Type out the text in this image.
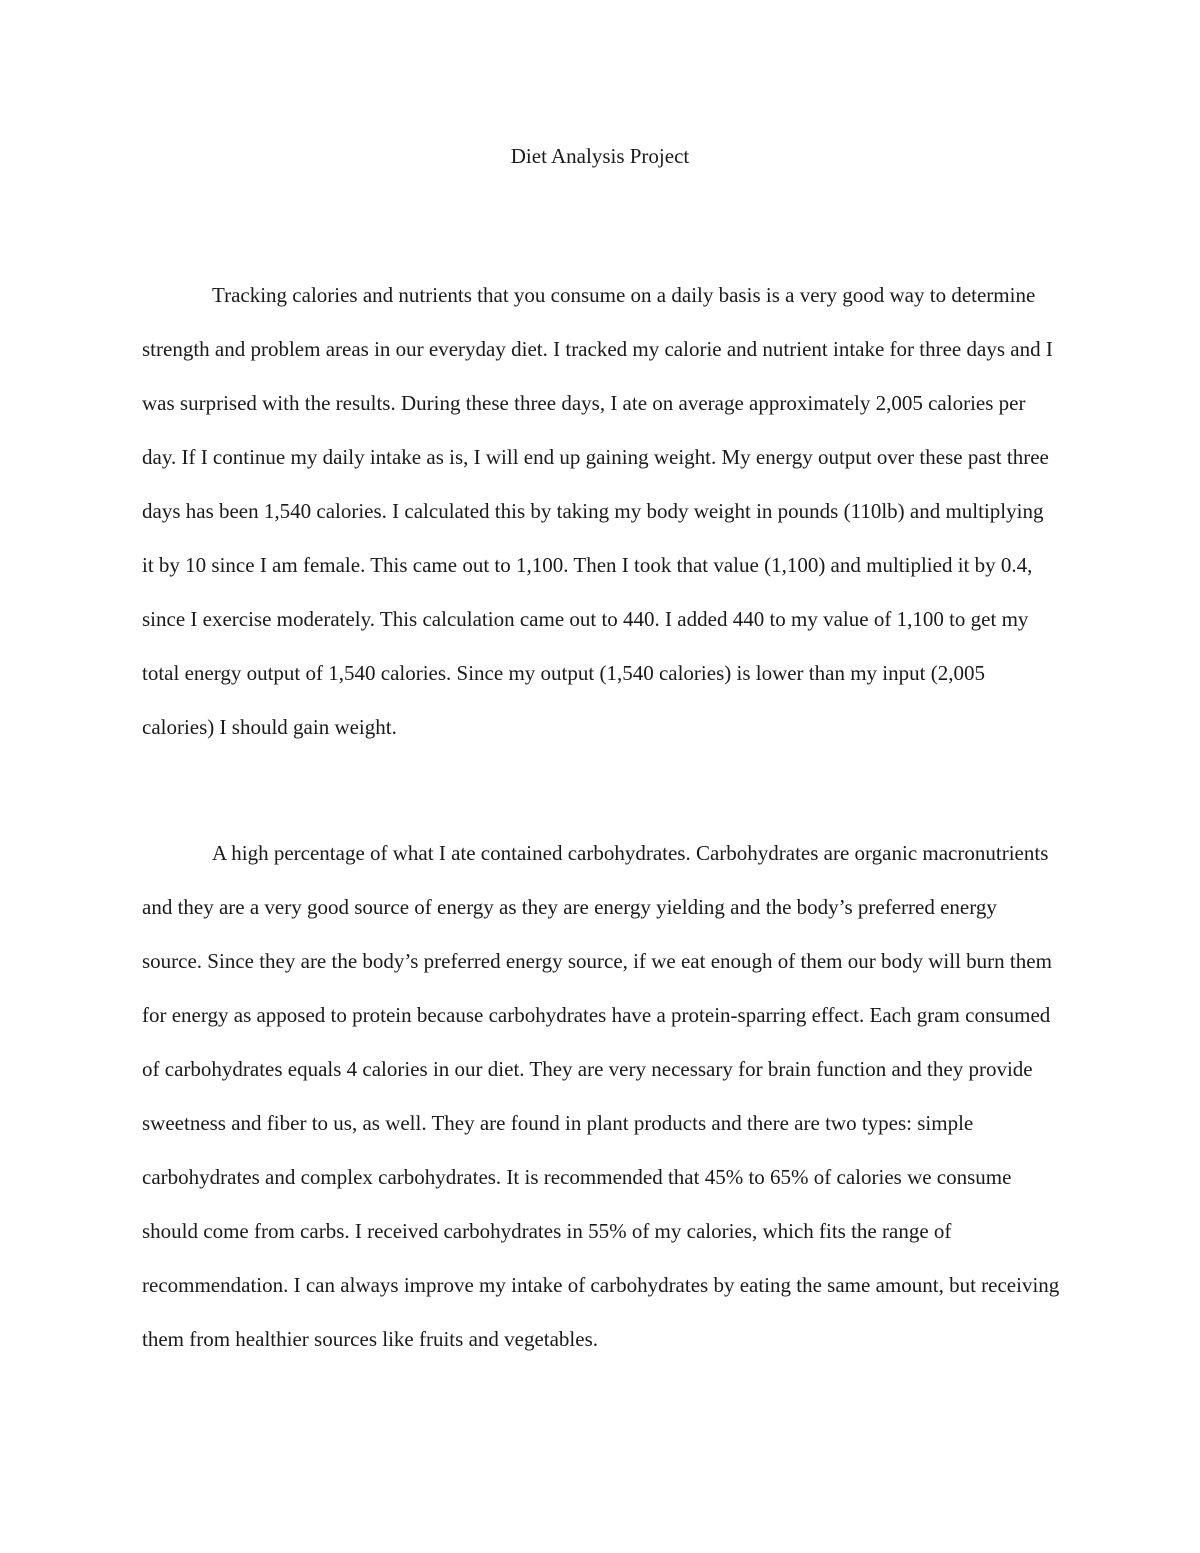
Diet Analysis Project

Tracking calories and nutrients that you consume on a daily basis is a very good way to determine strength and problem areas in our everyday diet. I tracked my calorie and nutrient intake for three days and I was surprised with the results. During these three days, I ate on average approximately 2,005 calories per day. If I continue my daily intake as is, I will end up gaining weight. My energy output over these past three days has been 1,540 calories. I calculated this by taking my body weight in pounds (110lb) and multiplying it by 10 since I am female. This came out to 1,100. Then I took that value (1,100) and multiplied it by 0.4, since I exercise moderately. This calculation came out to 440. I added 440 to my value of 1,100 to get my total energy output of 1,540 calories. Since my output (1,540 calories) is lower than my input (2,005 calories) I should gain weight.

A high percentage of what I ate contained carbohydrates. Carbohydrates are organic macronutrients and they are a very good source of energy as they are energy yielding and the body’s preferred energy source. Since they are the body’s preferred energy source, if we eat enough of them our body will burn them for energy as apposed to protein because carbohydrates have a protein-sparring effect. Each gram consumed of carbohydrates equals 4 calories in our diet. They are very necessary for brain function and they provide sweetness and fiber to us, as well. They are found in plant products and there are two types: simple carbohydrates and complex carbohydrates. It is recommended that 45% to 65% of calories we consume should come from carbs. I received carbohydrates in 55% of my calories, which fits the range of recommendation. I can always improve my intake of carbohydrates by eating the same amount, but receiving them from healthier sources like fruits and vegetables.
